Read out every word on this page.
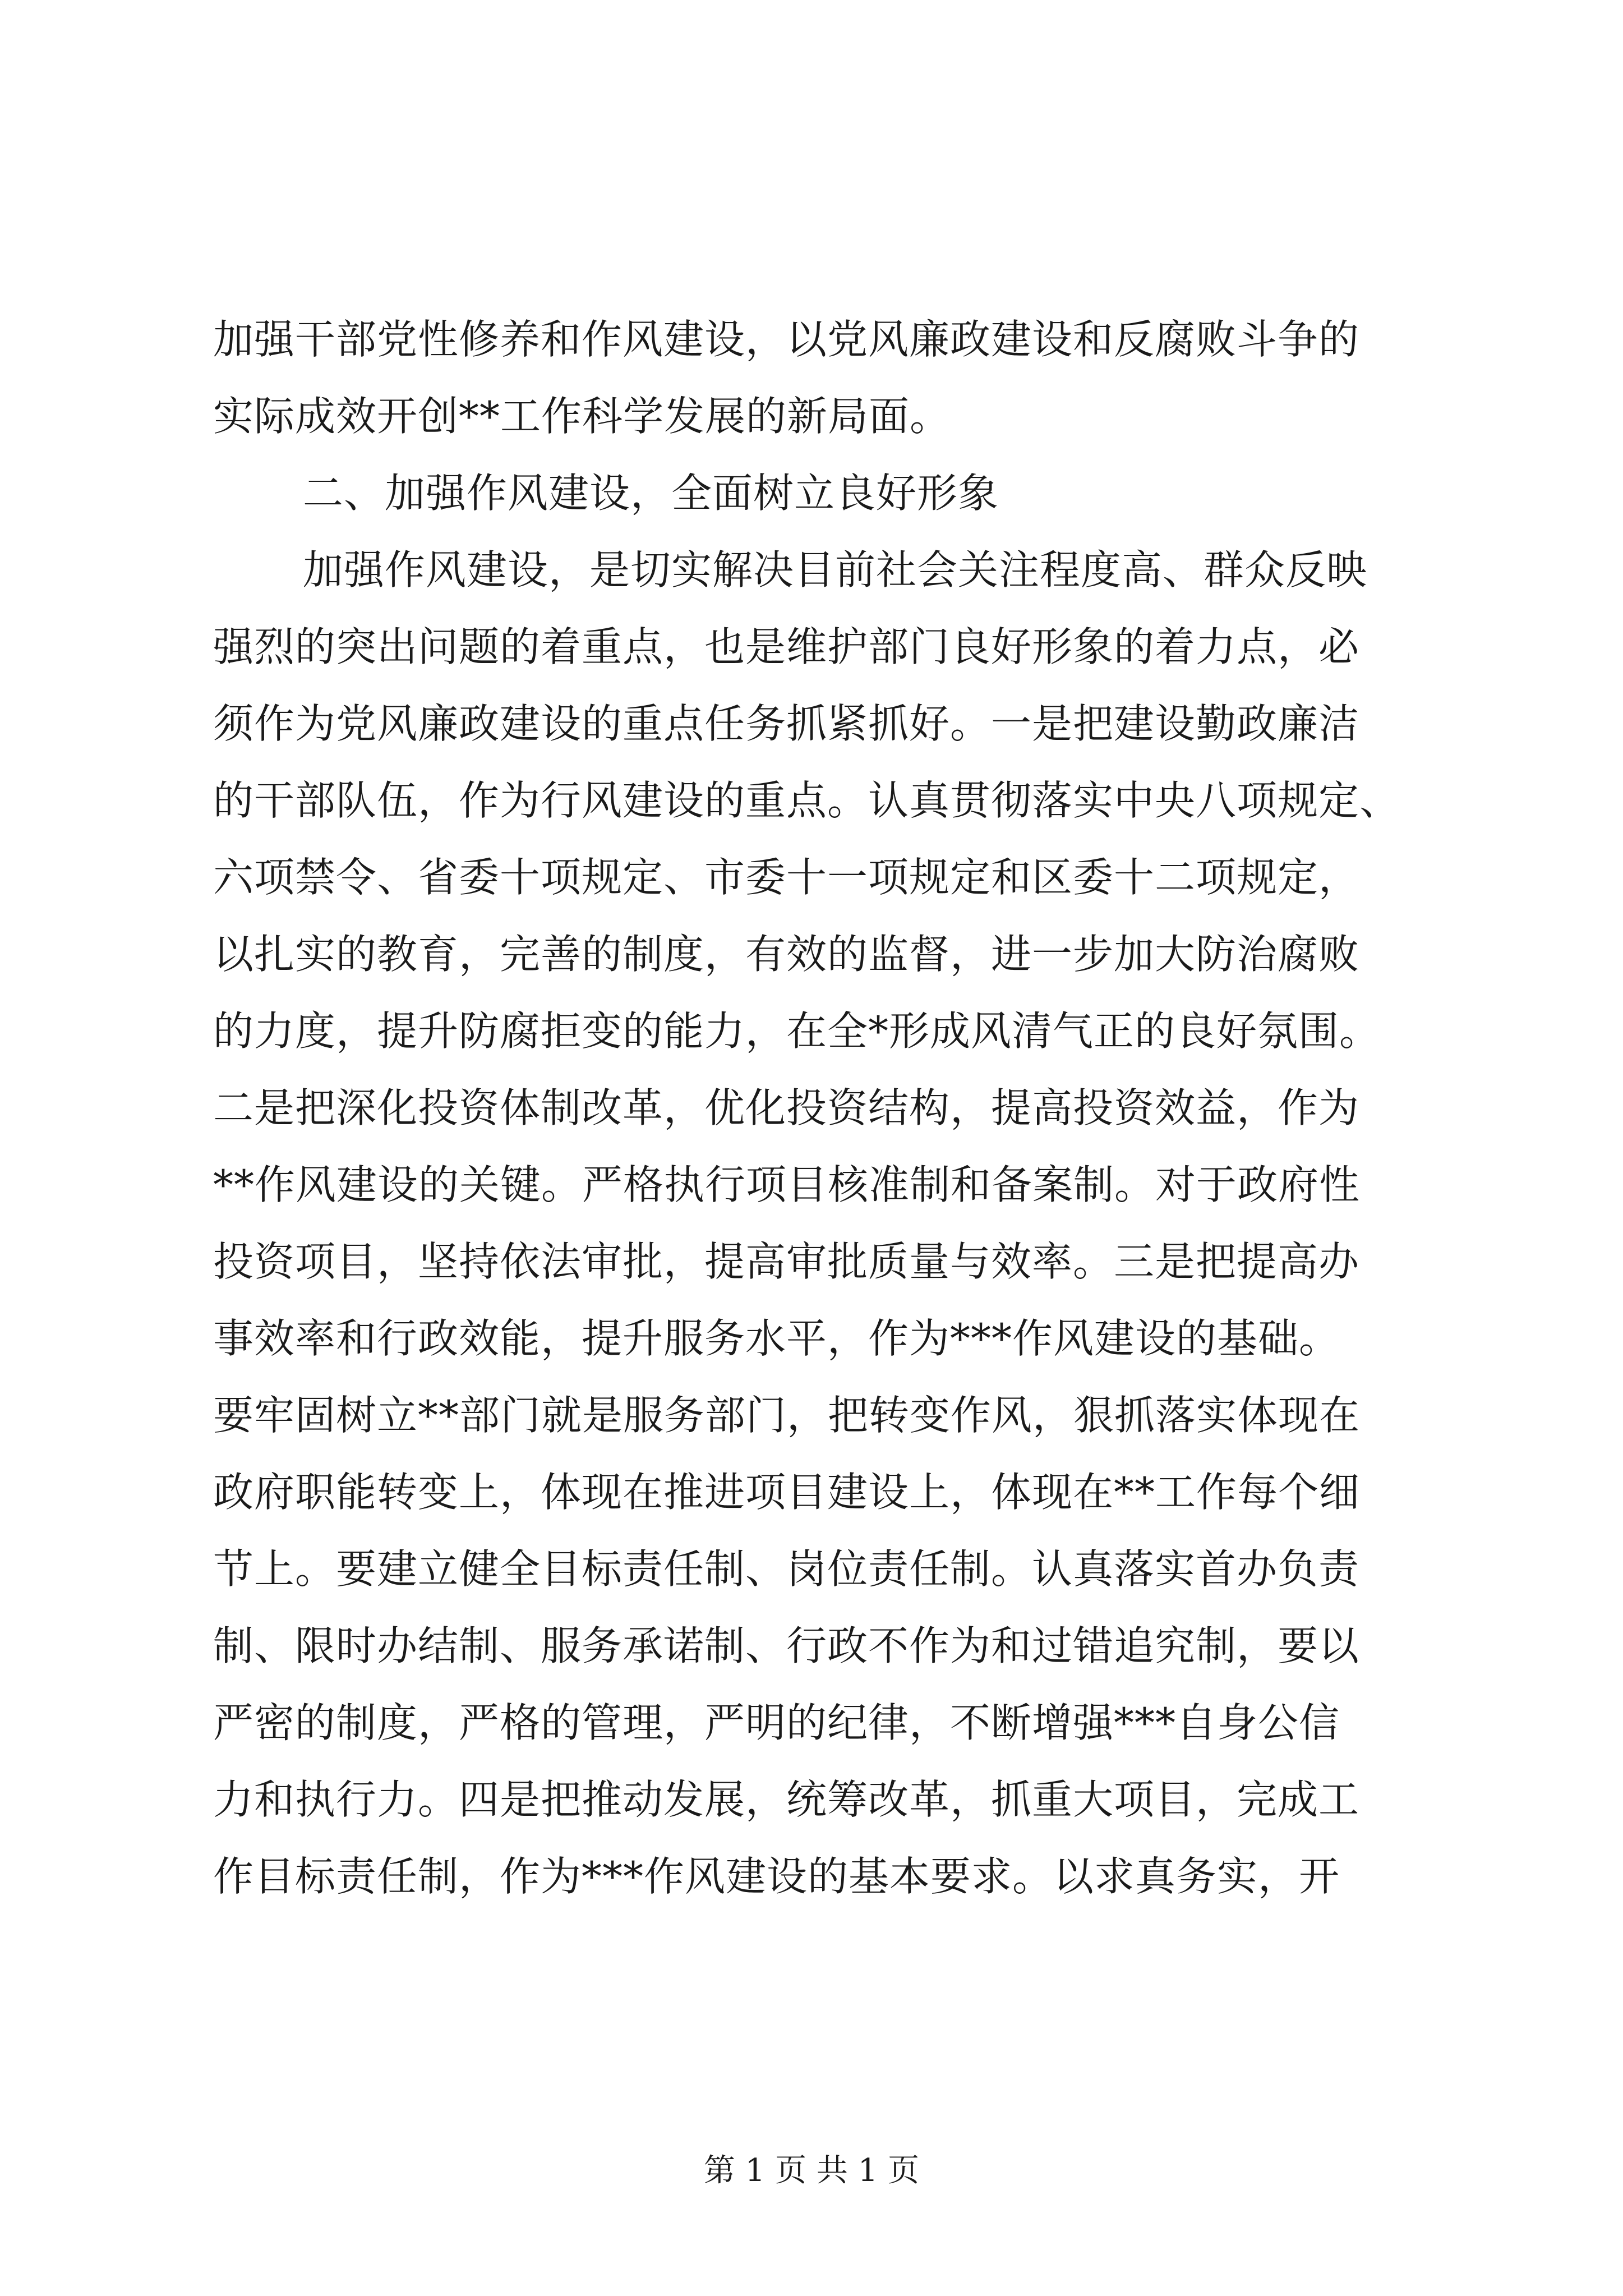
加强干部党性修养和作风建设，以党风廉政建设和反腐败斗争的
实际成效开创**工作科学发展的新局面。
二、加强作风建设，全面树立良好形象
加强作风建设，是切实解决目前社会关注程度高、群众反映
强烈的突出问题的着重点，也是维护部门良好形象的着力点，必
须作为党风廉政建设的重点任务抓紧抓好。一是把建设勤政廉洁
的干部队伍，作为行风建设的重点。认真贯彻落实中央八项规定、
六项禁令、省委十项规定、市委十一项规定和区委十二项规定，
以扎实的教育，完善的制度，有效的监督，进一步加大防治腐败
的力度，提升防腐拒变的能力，在全*形成风清气正的良好氛围。
二是把深化投资体制改革，优化投资结构，提高投资效益，作为
**作风建设的关键。严格执行项目核准制和备案制。对于政府性
投资项目，坚持依法审批，提高审批质量与效率。三是把提高办
事效率和行政效能，提升服务水平，作为***作风建设的基础。
要牢固树立**部门就是服务部门，把转变作风，狠抓落实体现在
政府职能转变上，体现在推进项目建设上，体现在**工作每个细
节上。要建立健全目标责任制、岗位责任制。认真落实首办负责
制、限时办结制、服务承诺制、行政不作为和过错追究制，要以
严密的制度，严格的管理，严明的纪律，不断增强***自身公信
力和执行力。四是把推动发展，统筹改革，抓重大项目，完成工
作目标责任制，作为***作风建设的基本要求。以求真务实，开
第 1 页 共 1 页
